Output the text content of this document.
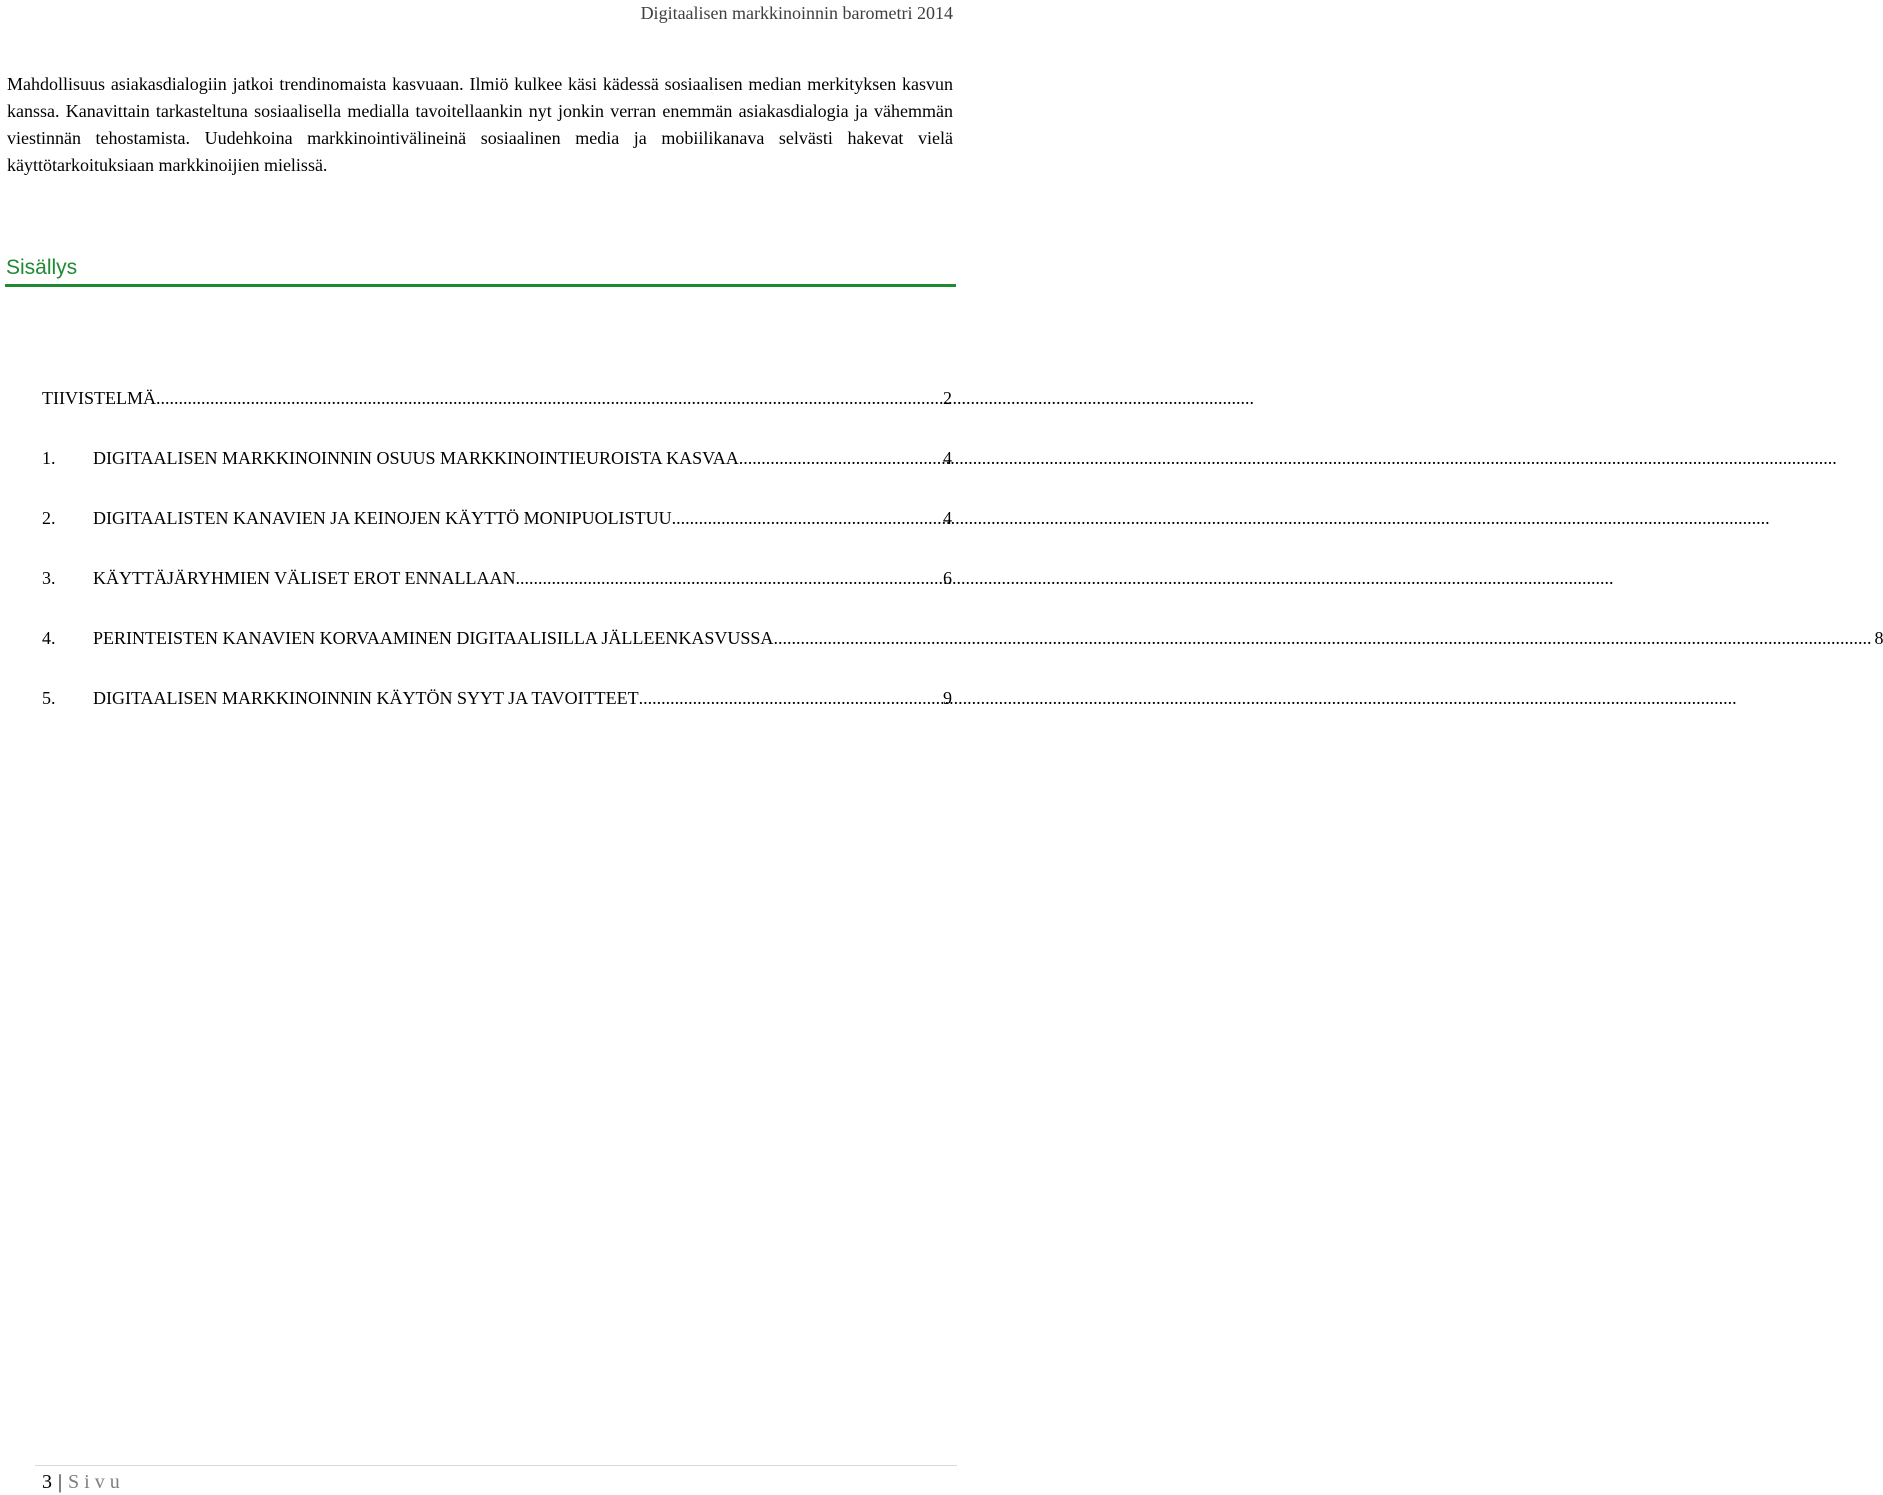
Digitaalisen markkinoinnin barometri 2014

Mahdollisuus asiakasdialogiin jatkoi trendinomaista kasvuaan. Ilmiö kulkee käsi kädessä sosiaalisen median merkityksen kasvun kanssa. Kanavittain tarkasteltuna sosiaalisella medialla tavoitellaankin nyt jonkin verran enemmän asiakasdialogia ja vähemmän viestinnän tehostamista. Uudehkoina markkinointivälineinä sosiaalinen media ja mobiilikanava selvästi hakevat vielä käyttötarkoituksiaan markkinoijien mielissä.

Sisällys
TIIVISTELMÄ .....	2
1.	DIGITAALISEN MARKKINOINNIN OSUUS MARKKINOINTIEUROISTA KASVAA .....	4
2.	DIGITAALISTEN KANAVIEN JA KEINOJEN KÄYTTÖ MONIPUOLISTUU .....	4
3.	KÄYTTÄJÄRYHMIEN VÄLISET EROT ENNALLAAN .....	6
4. PERINTEISTEN KANAVIEN KORVAAMINEN DIGITAALISILLA JÄLLEEN KASVUSSA .....	8
5.	DIGITAALISEN MARKKINOINNIN KÄYTÖN SYYT JA TAVOITTEET .....	9
3 | Sivu
